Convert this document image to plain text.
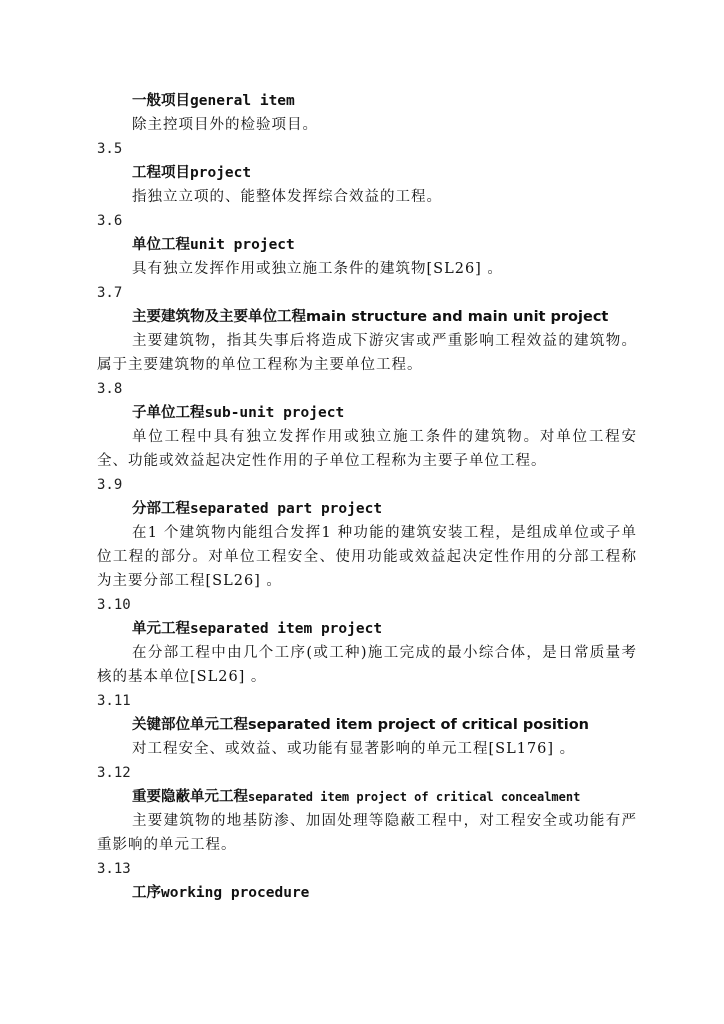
一般项目general item

除主控项目外的检验项目。

3.5

工程项目project

指独立立项的、能整体发挥综合效益的工程。

3.6

单位工程unit project

具有独立发挥作用或独立施工条件的建筑物[SL26] 。

3.7

主要建筑物及主要单位工程main structure and main unit project

主要建筑物，指其失事后将造成下游灾害或严重影响工程效益的建筑物。属于主要建筑物的单位工程称为主要单位工程。

3.8

子单位工程sub-unit project

单位工程中具有独立发挥作用或独立施工条件的建筑物。对单位工程安全、功能或效益起决定性作用的子单位工程称为主要子单位工程。

3.9

分部工程separated part project

在1 个建筑物内能组合发挥1 种功能的建筑安装工程，是组成单位或子单位工程的部分。对单位工程安全、使用功能或效益起决定性作用的分部工程称为主要分部工程[SL26] 。

3.10

单元工程separated item project

在分部工程中由几个工序(或工种)施工完成的最小综合体，是日常质量考核的基本单位[SL26] 。

3.11

关键部位单元工程separated item project of critical position

对工程安全、或效益、或功能有显著影响的单元工程[SL176] 。

3.12

重要隐蔽单元工程separated item project of critical concealment

主要建筑物的地基防渗、加固处理等隐蔽工程中，对工程安全或功能有严重影响的单元工程。

3.13

工序working procedure
